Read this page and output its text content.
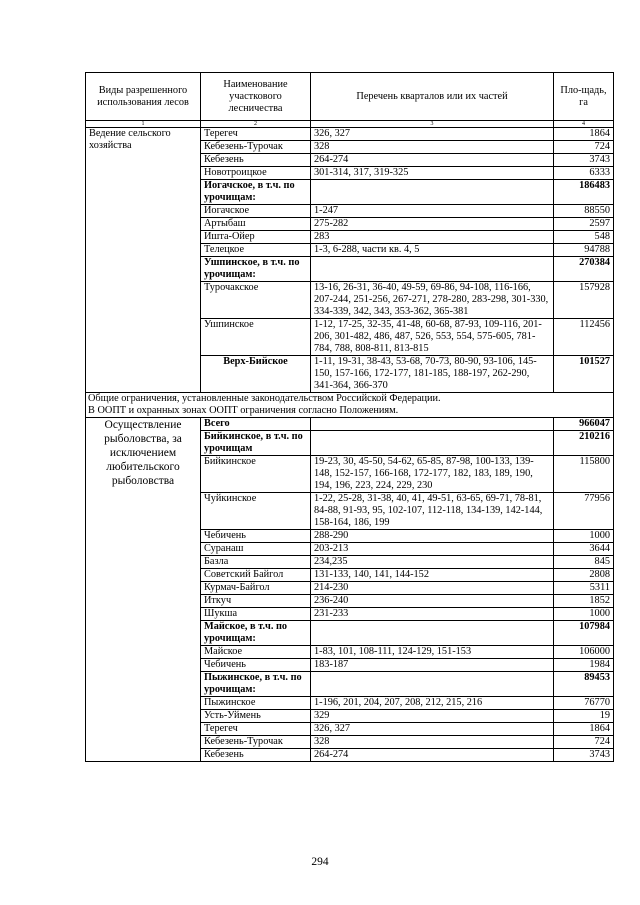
Виды разрешенного использования лесов	Наименование участкового лесничества	Перечень кварталов или их частей	Пло-щадь, га
1	2	3	4
Ведение сельского хозяйства	Терегеч	326, 327	1864
	Кебезень-Турочак	328	724
	Кебезень	264-274	3743
	Новотроицкое	301-314, 317, 319-325	6333
	Иогачское, в т.ч. по урочищам:		186483
	Иогачское	1-247	88550
	Артыбаш	275-282	2597
	Ишта-Ойер	283	548
	Телецкое	1-3, 6-288, части кв. 4, 5	94788
	Ушпинское, в т.ч. по урочищам:		270384
	Турочакское	13-16, 26-31, 36-40, 49-59, 69-86, 94-108, 116-166, 207-244, 251-256, 267-271, 278-280, 283-298, 301-330, 334-339, 342, 343, 353-362, 365-381	157928
	Ушпинское	1-12, 17-25, 32-35, 41-48, 60-68, 87-93, 109-116, 201-206, 301-482, 486, 487, 526, 553, 554, 575-605, 781-784, 788, 808-811, 813-815	112456
	Верх-Бийское	1-11, 19-31, 38-43, 53-68, 70-73, 80-90, 93-106, 145-150, 157-166, 172-177, 181-185, 188-197, 262-290, 341-364, 366-370	101527

Общие ограничения, установленные законодательством Российской Федерации.
В ООПТ и охранных зонах ООПТ ограничения согласно Положениям.			

Осуществление рыболовства, за исключением любительского рыболовства	Всего		966047
	Бийкинское, в т.ч. по урочищам		210216
	Бийкинское	19-23, 30, 45-50, 54-62, 65-85, 87-98, 100-133, 139-148, 152-157, 166-168, 172-177, 182, 183, 189, 190, 194, 196, 223, 224, 229, 230	115800
	Чуйкинское	1-22, 25-28, 31-38, 40, 41, 49-51, 63-65, 69-71, 78-81, 84-88, 91-93, 95, 102-107, 112-118, 134-139, 142-144, 158-164, 186, 199	77956
	Чебичень	288-290	1000
	Суранаш	203-213	3644
	Базла	234,235	845
	Советский Байгол	131-133, 140, 141, 144-152	2808
	Курмач-Байгол	214-230	5311
	Иткуч	236-240	1852
	Шукша	231-233	1000
	Майское, в т.ч. по урочищам:		107984
	Майское	1-83, 101, 108-111, 124-129, 151-153	106000
	Чебичень	183-187	1984
	Пыжинское, в т.ч. по урочищам:		89453
	Пыжинское	1-196, 201, 204, 207, 208, 212, 215, 216	76770
	Усть-Уймень	329	19
	Терегеч	326, 327	1864
	Кебезень-Турочак	328	724
	Кебезень	264-274	3743
294
